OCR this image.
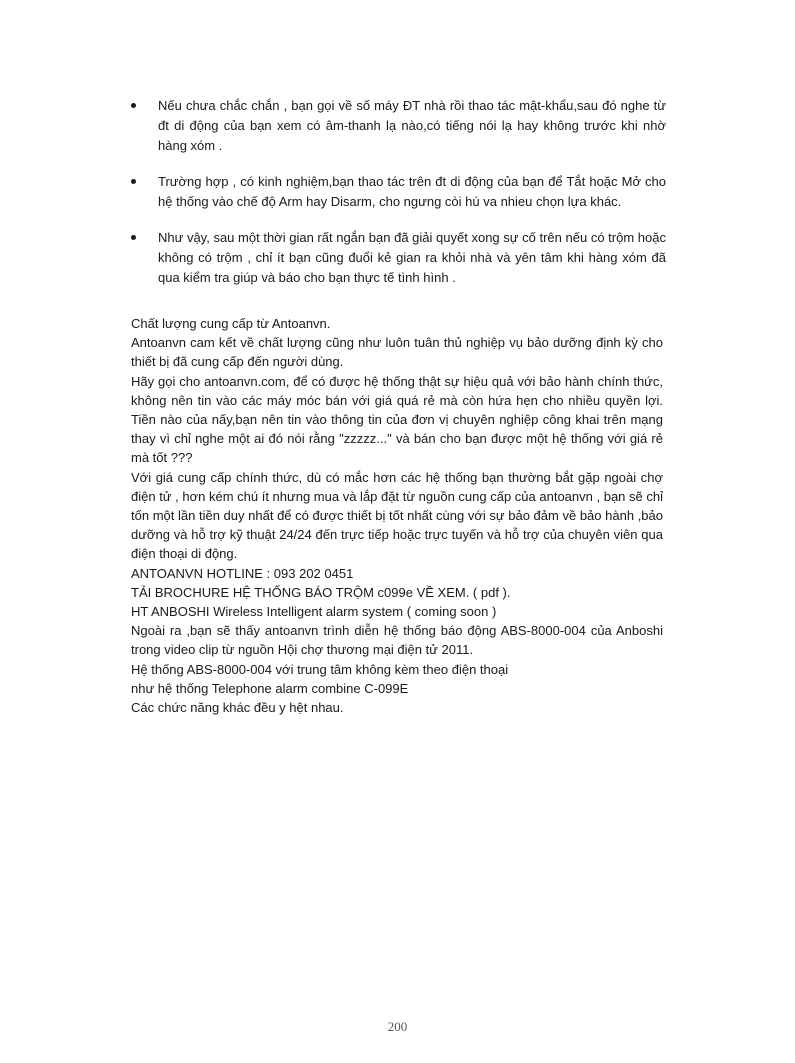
Nếu chưa chắc chắn , bạn gọi về số máy ĐT nhà rồi thao tác mật-khẩu,sau đó nghe từ đt di động của bạn xem có âm-thanh lạ nào,có tiếng nói lạ hay không trước khi nhờ hàng xóm .
Trường hợp , có kinh nghiệm,bạn thao tác trên đt di động của bạn để Tắt hoặc Mở cho hệ thống vào chế độ Arm hay Disarm, cho ngưng còi hú va nhieu chọn lựa khác.
Như vậy, sau một thời gian rất ngắn bạn đã giải quyết xong sự cố trên nếu có trộm hoặc không có trộm , chỉ ít bạn cũng đuổi kẻ gian ra khỏi nhà và yên tâm khi hàng xóm đã qua kiểm tra giúp và báo cho bạn thực tế tình hình .

Chất lượng cung cấp từ Antoanvn.

Antoanvn cam kết về chất lượng cũng như luôn tuân thủ nghiệp vụ bảo dưỡng định kỳ cho thiết bị đã cung cấp đến người dùng.

Hãy gọi cho antoanvn.com, để có được hệ thống thật sự hiệu quả với bảo hành chính thức, không nên tin vào các máy móc bán với giá quá rẻ mà còn hứa hẹn cho nhiều quyền lợi. Tiền nào của nấy,bạn nên tin vào thông tin của đơn vị chuyên nghiệp công khai trên mạng thay vì chỉ nghe một ai đó nói rằng "zzzzz..." và bán cho bạn được một hệ thống với giá rẻ mà tốt ???

Với giá cung cấp chính thức, dù có mắc hơn các hệ thống bạn thường bắt gặp ngoài chợ điện tử , hơn kém chú ít nhưng mua và lắp đặt từ nguồn cung cấp của antoanvn , bạn sẽ chỉ tốn một lần tiền duy nhất để có được thiết bị tốt nhất cùng với sự bảo đảm về bảo hành ,bảo dưỡng và hỗ trợ kỹ thuật 24/24 đến trực tiếp hoặc trực tuyến và hỗ trợ của chuyên viên qua điện thoại di động.

ANTOANVN HOTLINE : 093 202 0451

TẢI BROCHURE HỆ THỐNG BÁO TRỘM c099e VỀ XEM. ( pdf ).

HT ANBOSHI Wireless Intelligent alarm system ( coming soon )

Ngoài ra ,bạn sẽ thấy antoanvn trình diễn hệ thống báo động ABS-8000-004 của Anboshi trong video clip từ nguồn Hội chợ thương mại điện tử 2011.

Hệ thống ABS-8000-004 với trung tâm không kèm theo điện thoại

như hệ thống Telephone alarm combine C-099E

Các chức năng khác đều y hệt nhau.

200
